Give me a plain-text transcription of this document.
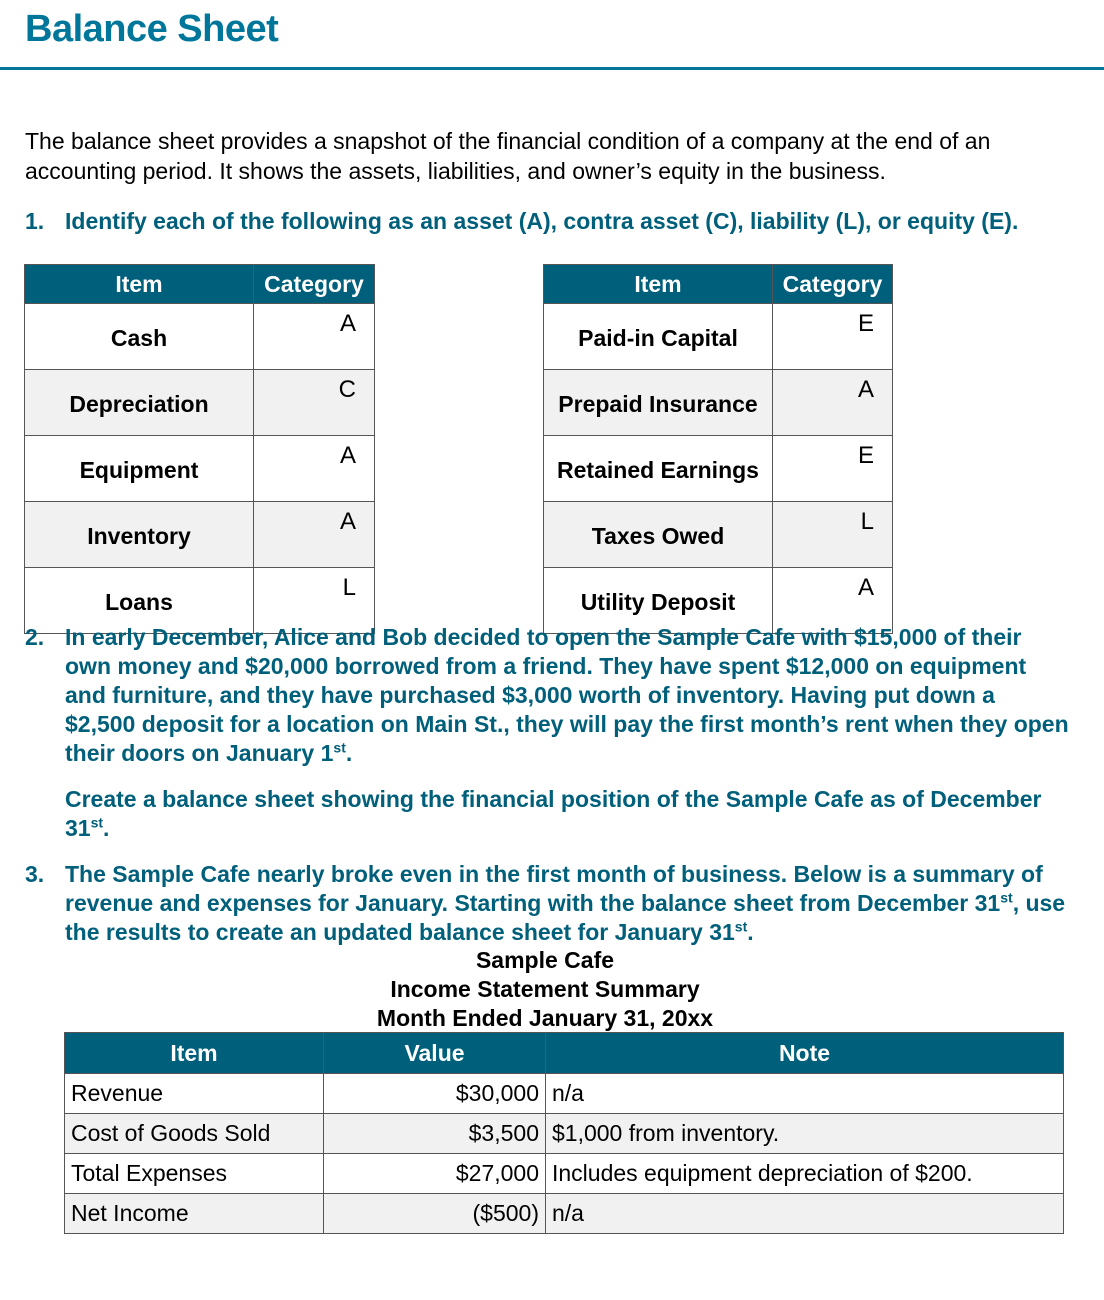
Balance Sheet

The balance sheet provides a snapshot of the financial condition of a company at the end of an accounting period. It shows the assets, liabilities, and owner’s equity in the business.

1. Identify each of the following as an asset (A), contra asset (C), liability (L), or equity (E).

Item	Category
Cash	A
Depreciation	C
Equipment	A
Inventory	A
Loans	L
Item	Category
Paid-in Capital	E
Prepaid Insurance	A
Retained Earnings	E
Taxes Owed	L
Utility Deposit	A

2. In early December, Alice and Bob decided to open the Sample Cafe with $15,000 of their own money and $20,000 borrowed from a friend. They have spent $12,000 on equipment and furniture, and they have purchased $3,000 worth of inventory. Having put down a $2,500 deposit for a location on Main St., they will pay the first month’s rent when they open their doors on January 1st.

Create a balance sheet showing the financial position of the Sample Cafe as of December 31st.

3. The Sample Cafe nearly broke even in the first month of business. Below is a summary of revenue and expenses for January. Starting with the balance sheet from December 31st, use the results to create an updated balance sheet for January 31st.

Sample Cafe

Income Statement Summary

Month Ended January 31, 20xx

Item	Value	Note
Revenue	$30,000	n/a
Cost of Goods Sold	$3,500	$1,000 from inventory.
Total Expenses	$27,000	Includes equipment depreciation of $200.
Net Income	($500)	n/a
